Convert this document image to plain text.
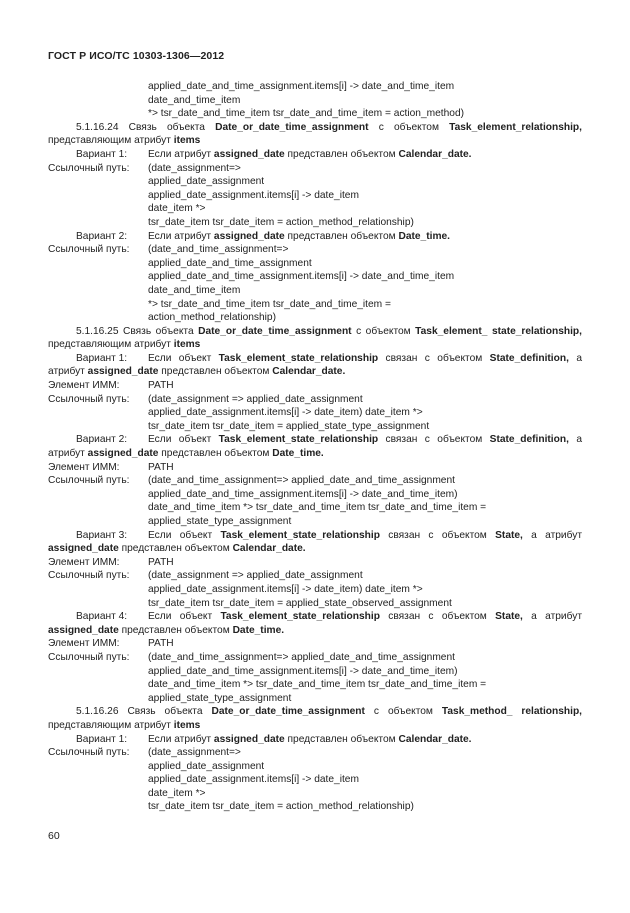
ГОСТ Р ИСО/ТС 10303-1306—2012
applied_date_and_time_assignment.items[i] -> date_and_time_item
date_and_time_item
*> tsr_date_and_time_item tsr_date_and_time_item = action_method)
5.1.16.24 Связь объекта Date_or_date_time_assignment с объектом Task_element_relationship, представляющим атрибут items
Вариант 1:	Если атрибут assigned_date представлен объектом Calendar_date.
Ссылочный путь:	(date_assignment=>
applied_date_assignment
applied_date_assignment.items[i] -> date_item
date_item *>
tsr_date_item tsr_date_item = action_method_relationship)
Вариант 2:	Если атрибут assigned_date представлен объектом Date_time.
Ссылочный путь:	(date_and_time_assignment=>
applied_date_and_time_assignment
applied_date_and_time_assignment.items[i] -> date_and_time_item
date_and_time_item
*> tsr_date_and_time_item tsr_date_and_time_item =
action_method_relationship)
5.1.16.25 Связь объекта Date_or_date_time_assignment с объектом Task_element_ state_relationship, представляющим атрибут items
Вариант 1: Если объект Task_element_state_relationship связан с объектом State_definition, а атрибут assigned_date представлен объектом Calendar_date.
Элемент ИММ:	PATH
Ссылочный путь:	(date_assignment => applied_date_assignment
applied_date_assignment.items[i] -> date_item) date_item *>
tsr_date_item tsr_date_item = applied_state_type_assignment
Вариант 2: Если объект Task_element_state_relationship связан с объектом State_definition, а атрибут assigned_date представлен объектом Date_time.
Элемент ИММ:	PATH
Ссылочный путь:	(date_and_time_assignment=> applied_date_and_time_assignment
applied_date_and_time_assignment.items[i] -> date_and_time_item)
date_and_time_item *> tsr_date_and_time_item tsr_date_and_time_item =
applied_state_type_assignment
Вариант 3: Если объект Task_element_state_relationship связан с объектом State, а атрибут assigned_date представлен объектом Calendar_date.
Элемент ИММ:	PATH
Ссылочный путь:	(date_assignment => applied_date_assignment
applied_date_assignment.items[i] -> date_item) date_item *>
tsr_date_item tsr_date_item = applied_state_observed_assignment
Вариант 4: Если объект Task_element_state_relationship связан с объектом State, а атрибут assigned_date представлен объектом Date_time.
Элемент ИММ:	PATH
Ссылочный путь:	(date_and_time_assignment=> applied_date_and_time_assignment
applied_date_and_time_assignment.items[i] -> date_and_time_item)
date_and_time_item *> tsr_date_and_time_item tsr_date_and_time_item =
applied_state_type_assignment
5.1.16.26 Связь объекта Date_or_date_time_assignment с объектом Task_method_ relationship, представляющим атрибут items
Вариант 1:	Если атрибут assigned_date представлен объектом Calendar_date.
Ссылочный путь:	(date_assignment=>
applied_date_assignment
applied_date_assignment.items[i] -> date_item
date_item *>
tsr_date_item tsr_date_item = action_method_relationship)
60
